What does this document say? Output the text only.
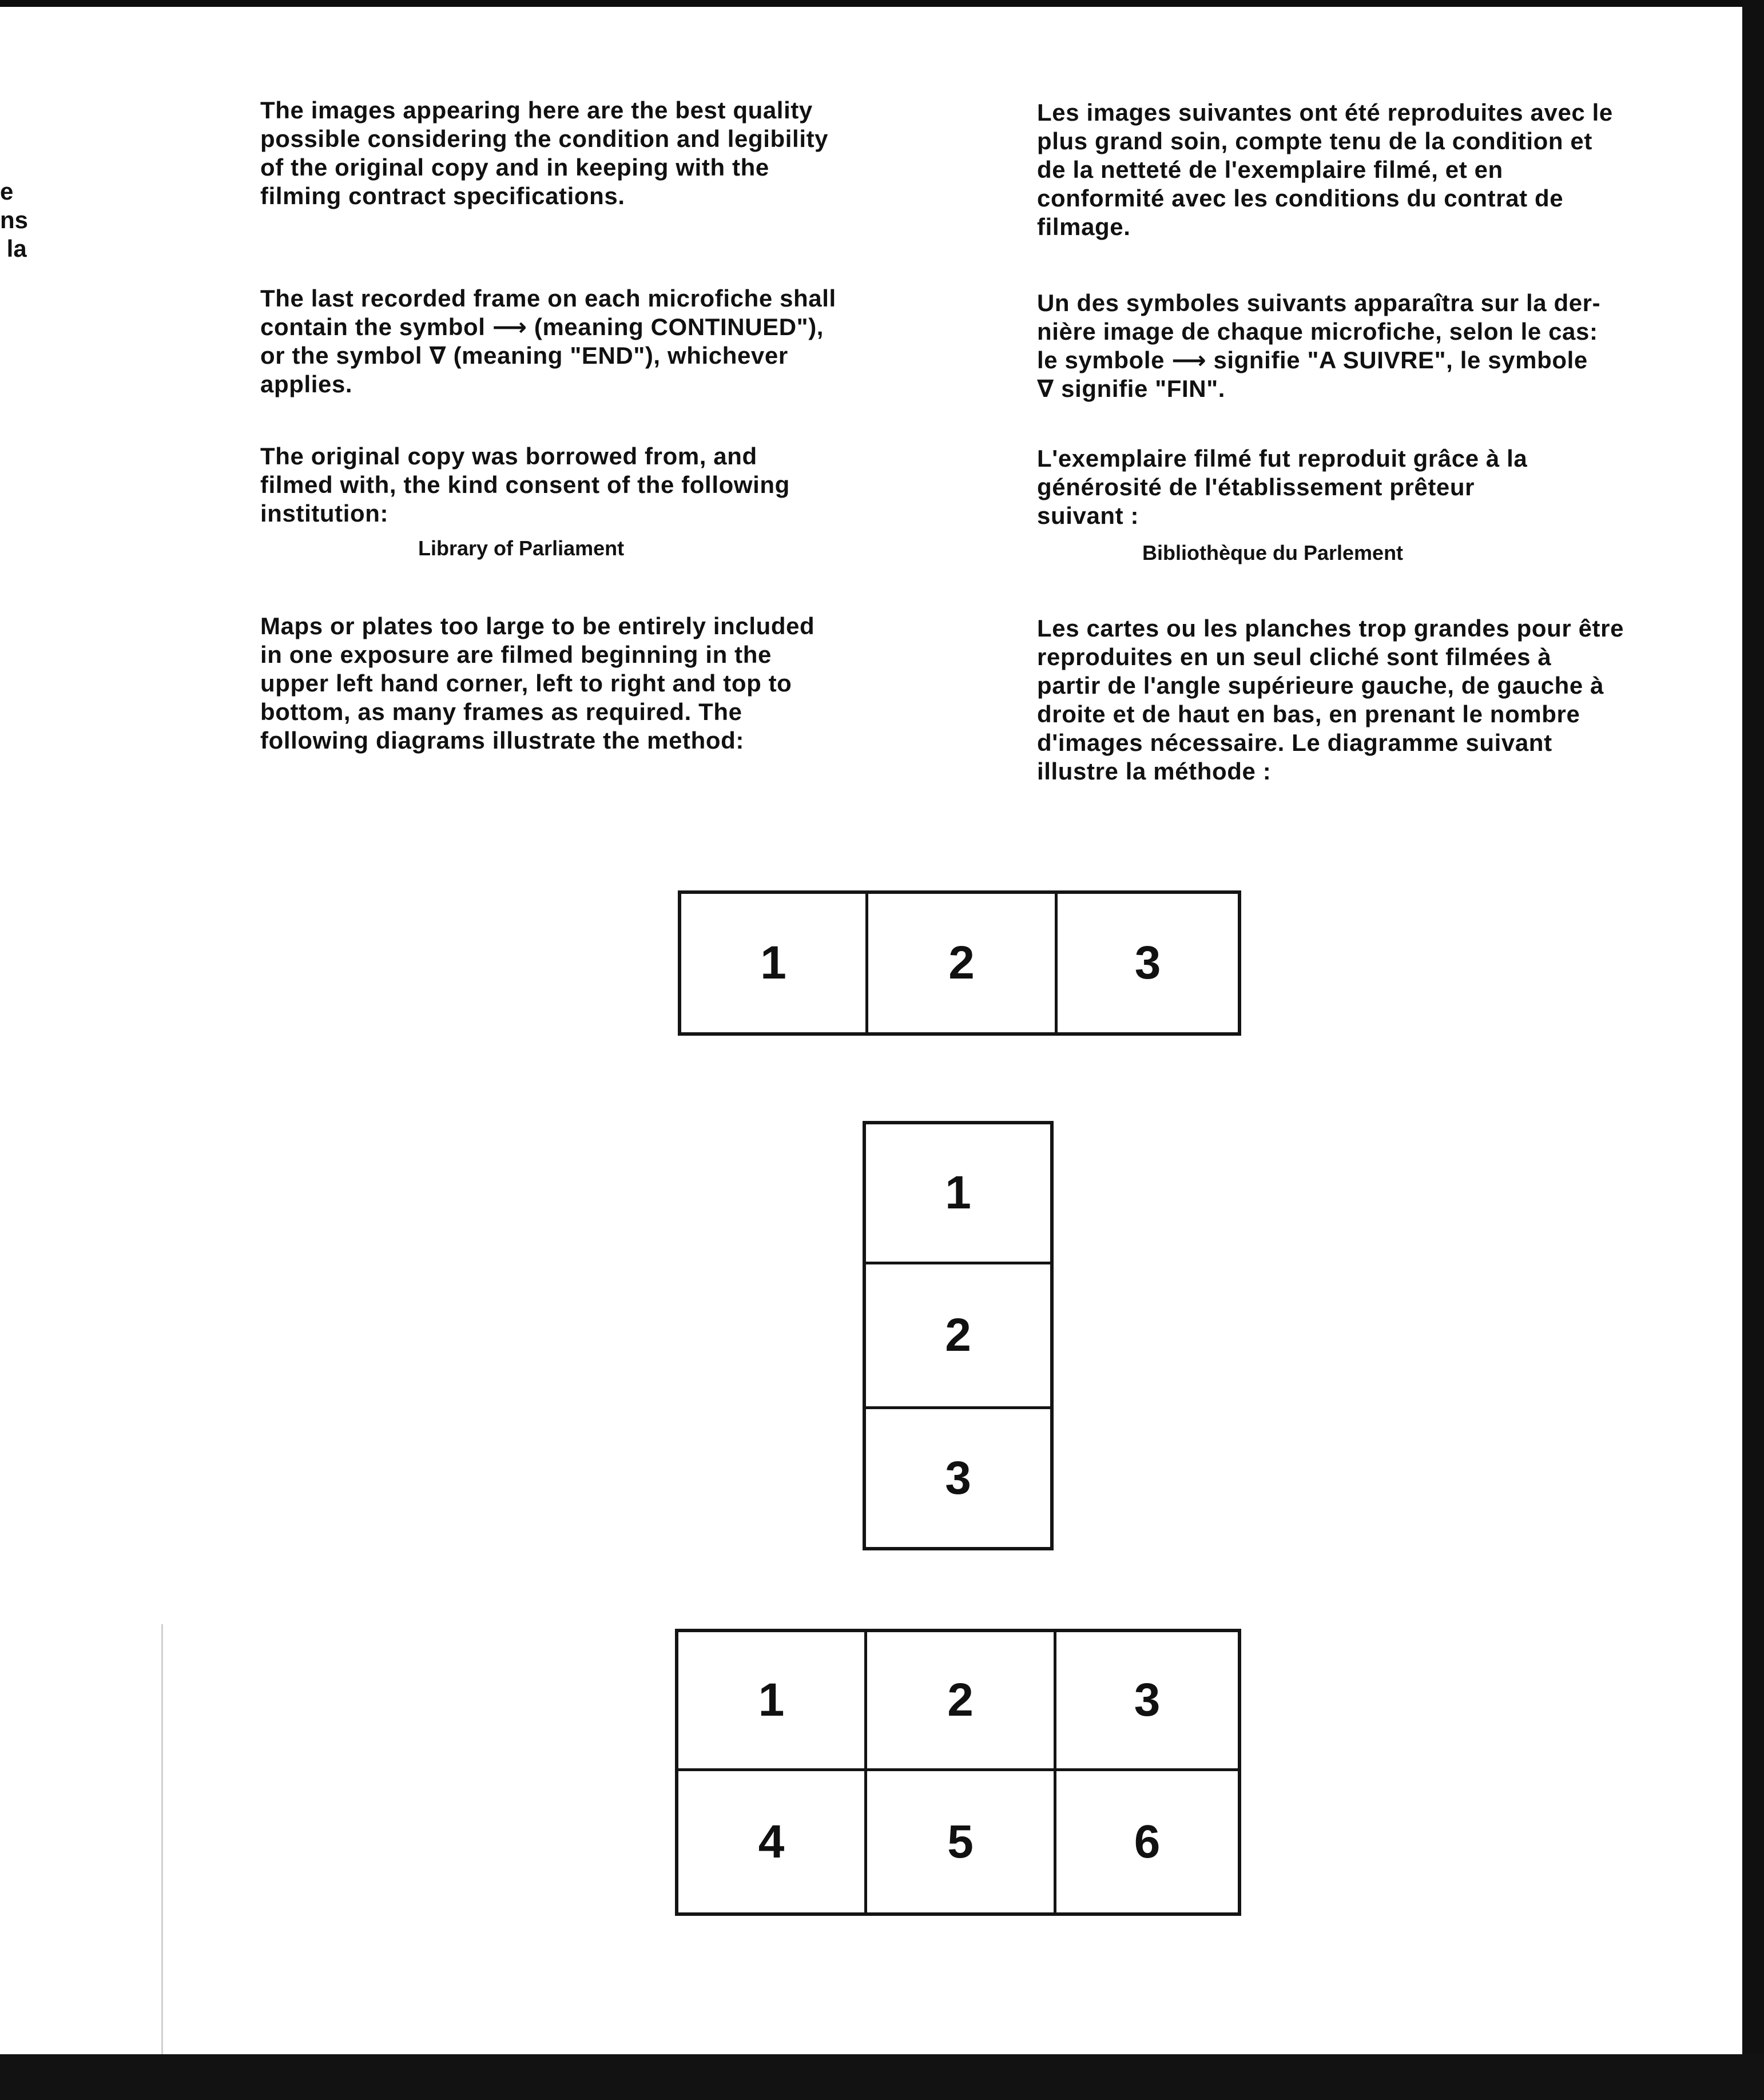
e
ns
la
The images appearing here are the best quality
possible considering the condition and legibility
of the original copy and in keeping with the
filming contract specifications.
The last recorded frame on each microfiche shall
contain the symbol ⟶ (meaning CONTINUED"),
or the symbol ∇ (meaning "END"), whichever
applies.
The original copy was borrowed from, and
filmed with, the kind consent of the following
institution:
Library of Parliament
Maps or plates too large to be entirely included
in one exposure are filmed beginning in the
upper left hand corner, left to right and top to
bottom, as many frames as required. The
following diagrams illustrate the method:
Les images suivantes ont été reproduites avec le
plus grand soin, compte tenu de la condition et
de la netteté de l'exemplaire filmé, et en
conformité avec les conditions du contrat de
filmage.
Un des symboles suivants apparaîtra sur la der-
nière image de chaque microfiche, selon le cas:
le symbole ⟶ signifie "A SUIVRE", le symbole
∇ signifie "FIN".
L'exemplaire filmé fut reproduit grâce à la
générosité de l'établissement prêteur
suivant :
Bibliothèque du Parlement
Les cartes ou les planches trop grandes pour être
reproduites en un seul cliché sont filmées à
partir de l'angle supérieure gauche, de gauche à
droite et de haut en bas, en prenant le nombre
d'images nécessaire. Le diagramme suivant
illustre la méthode :
1	2	3
1
2
3
1	2	3
4	5	6
